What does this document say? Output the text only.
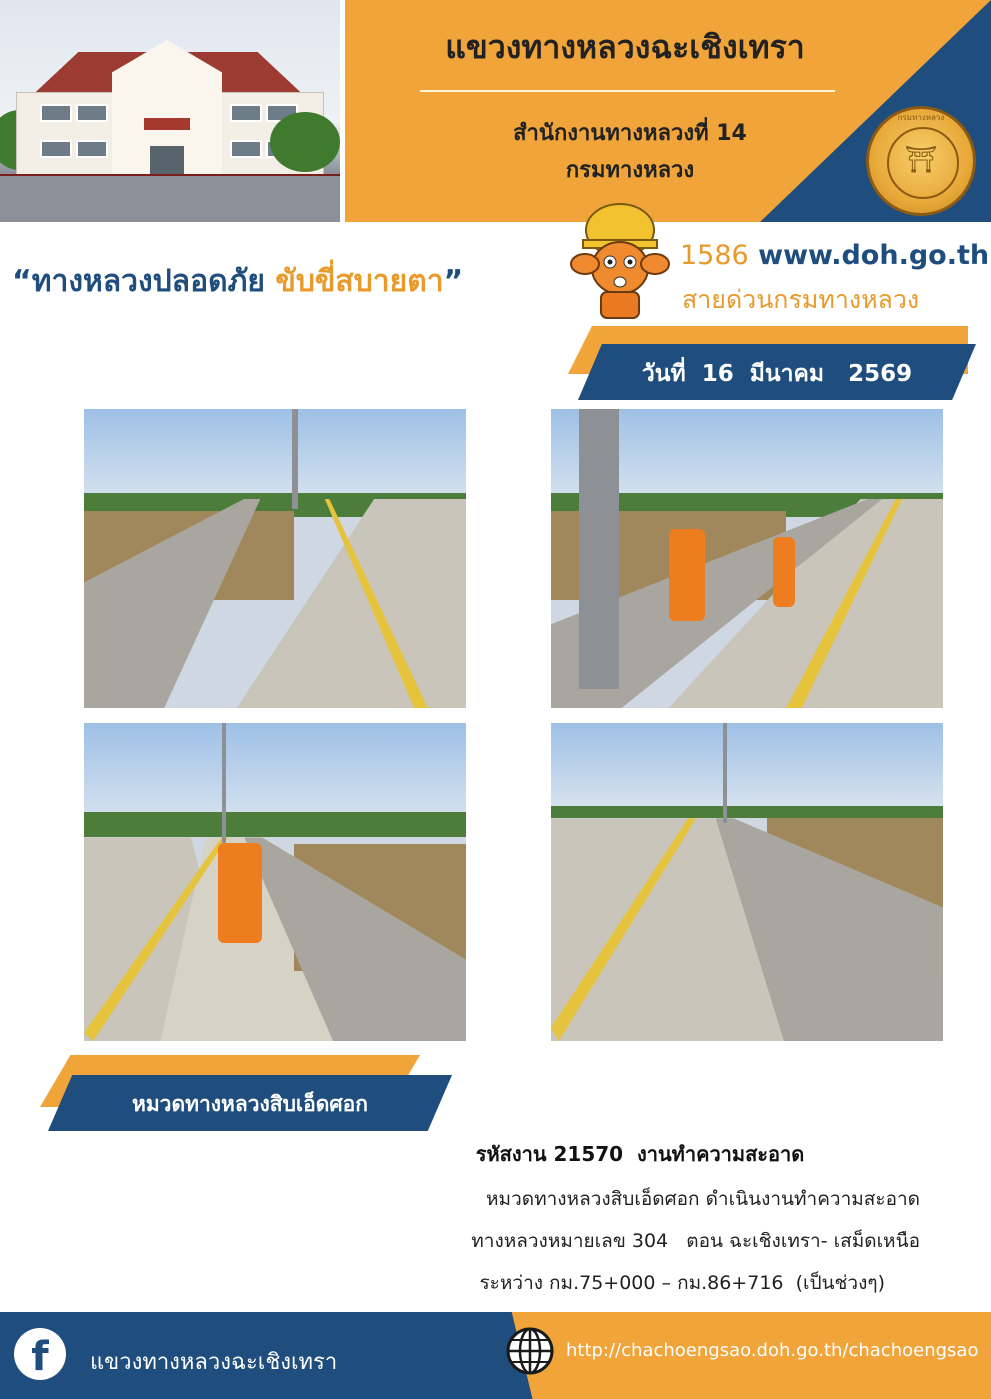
แขวงทางหลวงฉะเชิงเทรา
สำนักงานทางหลวงที่ 14
กรมทางหลวง
กรมทางหลวง
⛩
“ทางหลวงปลอดภัย ขับขี่สบายตา”
1586 www.doh.go.th
สายด่วนกรมทางหลวง
วันที่  16  มีนาคม   2569
หมวดทางหลวงสิบเอ็ดศอก
รหัสงาน 21570  งานทำความสะอาด
หมวดทางหลวงสิบเอ็ดศอก ดำเนินงานทำความสะอาด
ทางหลวงหมายเลข 304   ตอน ฉะเชิงเทรา- เสม็ดเหนือ
ระหว่าง กม.75+000 – กม.86+716  (เป็นช่วงๆ)
f	แขวงทางหลวงฉะเชิงเทรา	http://chachoengsao.doh.go.th/chachoengsao
